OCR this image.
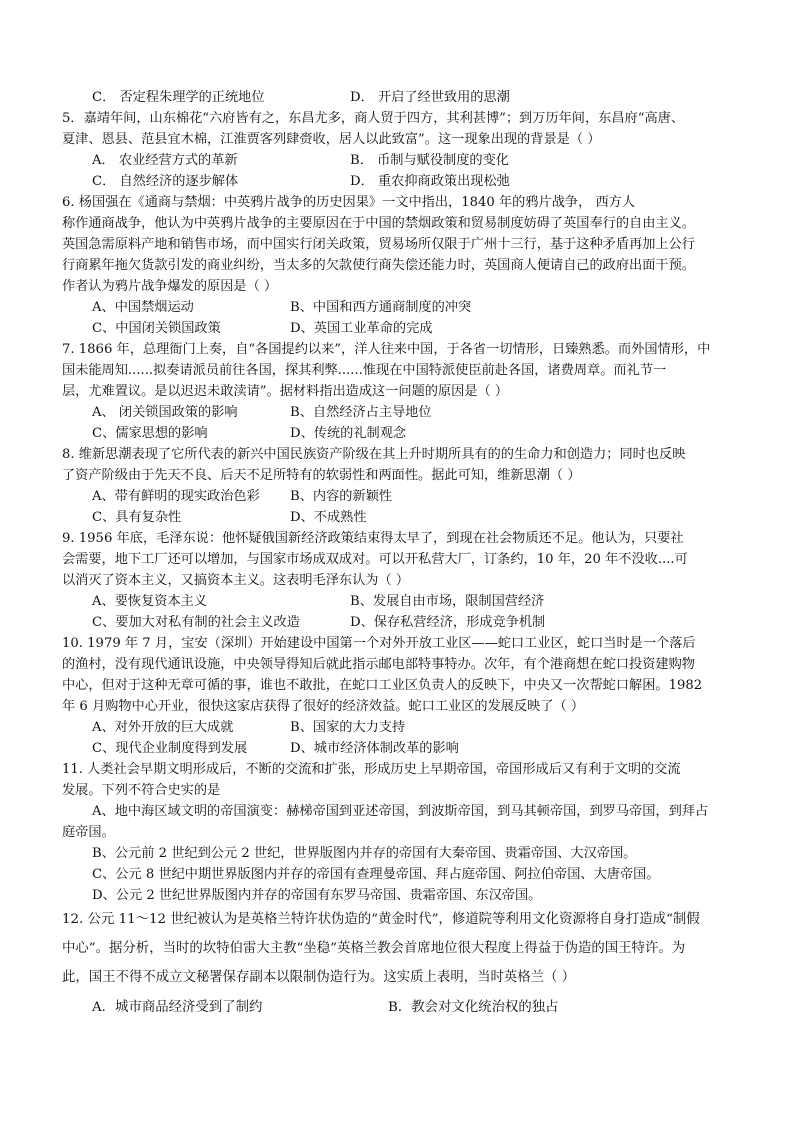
C． 否定程朱理学的正统地位	D． 开启了经世致用的思潮
5．嘉靖年间，山东棉花“六府皆有之，东昌尤多，商人贸于四方，其利甚博”；到万历年间，东昌府“高唐、
夏津、恩县、范县宜木棉，江淮贾客列肆赍收，居人以此致富”。这一现象出现的背景是（ ）
A． 农业经营方式的革新	B． 币制与赋役制度的变化
C． 自然经济的逐步解体	D． 重农抑商政策出现松弛
6. 杨国强在《通商与禁烟：中英鸦片战争的历史因果》一文中指出，1840 年的鸦片战争， 西方人
称作通商战争，他认为中英鸦片战争的主要原因在于中国的禁烟政策和贸易制度妨碍了英国奉行的自由主义。
英国急需原料产地和销售市场，而中国实行闭关政策，贸易场所仅限于广州十三行，基于这种矛盾再加上公行
行商累年拖欠货款引发的商业纠纷，当太多的欠款使行商失偿还能力时，英国商人便请自己的政府出面干预。
作者认为鸦片战争爆发的原因是（ ）
A、中国禁烟运动	B、中国和西方通商制度的冲突
C、中国闭关锁国政策	D、英国工业革命的完成
7. 1866 年，总理衙门上奏，自“各国提约以来”，洋人往来中国，于各省一切情形，日臻熟悉。而外国情形，中
国未能周知......拟奏请派员前往各国，探其利弊......惟现在中国特派使臣前赴各国，诸费周章。而礼节一
层，尤难置议。是以迟迟未敢渎请”。据材料指出造成这一问题的原因是（ ）
A、 闭关锁国政策的影响	B、自然经济占主导地位
C、儒家思想的影响	D、传统的礼制观念
8. 维新思潮表现了它所代表的新兴中国民族资产阶级在其上升时期所具有的的生命力和创造力；同时也反映
了资产阶级由于先天不良、后天不足所特有的软弱性和两面性。据此可知，维新思潮（ ）
A、带有鲜明的现实政治色彩 B、内容的新颖性
C、具有复杂性	D、不成熟性
9. 1956 年底，毛泽东说：他怀疑俄国新经济政策结束得太早了，到现在社会物质还不足。他认为，只要社
会需要，地下工厂还可以增加，与国家市场成双成对。可以开私营大厂，订条约，10 年，20 年不没收....可
以消灭了资本主义，又搞资本主义。这表明毛泽东认为（ ）
A、要恢复资本主义	B、发展自由市场，限制国营经济
C、要加大对私有制的社会主义改造	D、保存私营经济，形成竞争机制
10. 1979 年 7 月，宝安（深圳）开始建设中国第一个对外开放工业区——蛇口工业区，蛇口当时是一个落后
的渔村，没有现代通讯设施，中央领导得知后就此指示邮电部特事特办。次年，有个港商想在蛇口投资建购物
中心，但对于这种无章可循的事，谁也不敢批，在蛇口工业区负责人的反映下，中央又一次帮蛇口解困。1982
年 6 月购物中心开业，很快这家店获得了很好的经济效益。蛇口工业区的发展反映了（ ）
A、对外开放的巨大成就	B、国家的大力支持
C、现代企业制度得到发展	D、城市经济体制改革的影响
11. 人类社会早期文明形成后，不断的交流和扩张，形成历史上早期帝国，帝国形成后又有利于文明的交流
发展。下列不符合史实的是
A、地中海区域文明的帝国演变：赫梯帝国到亚述帝国，到波斯帝国，到马其顿帝国，到罗马帝国，到拜占
庭帝国。
B、公元前 2 世纪到公元 2 世纪，世界版图内并存的帝国有大秦帝国、贵霜帝国、大汉帝国。
C、公元 8 世纪中期世界版图内并存的帝国有查理曼帝国、拜占庭帝国、阿拉伯帝国、大唐帝国。
D、公元 2 世纪世界版图内并存的帝国有东罗马帝国、贵霜帝国、东汉帝国。
12. 公元 11～12 世纪被认为是英格兰特许状伪造的“黄金时代”，修道院等利用文化资源将自身打造成“制假
中心”。据分析，当时的坎特伯雷大主教“坐稳”英格兰教会首席地位很大程度上得益于伪造的国王特许。为
此，国王不得不成立文秘署保存副本以限制伪造行为。这实质上表明，当时英格兰（ ）
A．城市商品经济受到了制约	B．教会对文化统治权的独占
